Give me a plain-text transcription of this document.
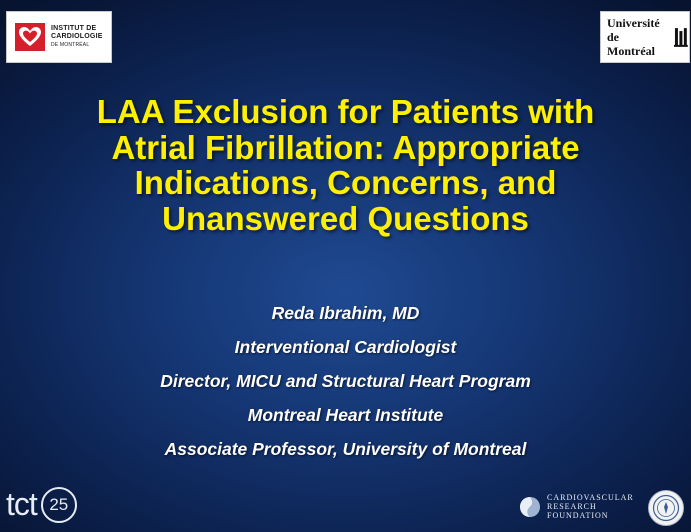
INSTITUT DE
CARDIOLOGIE
DE MONTRÉAL
Université
de Montréal
LAA Exclusion for Patients with
Atrial Fibrillation: Appropriate
Indications, Concerns, and
Unanswered Questions
Reda Ibrahim, MD
Interventional Cardiologist
Director, MICU and Structural Heart Program
Montreal Heart Institute
Associate Professor, University of Montreal
tct 25	CARDIOVASCULAR
RESEARCH
FOUNDATION
